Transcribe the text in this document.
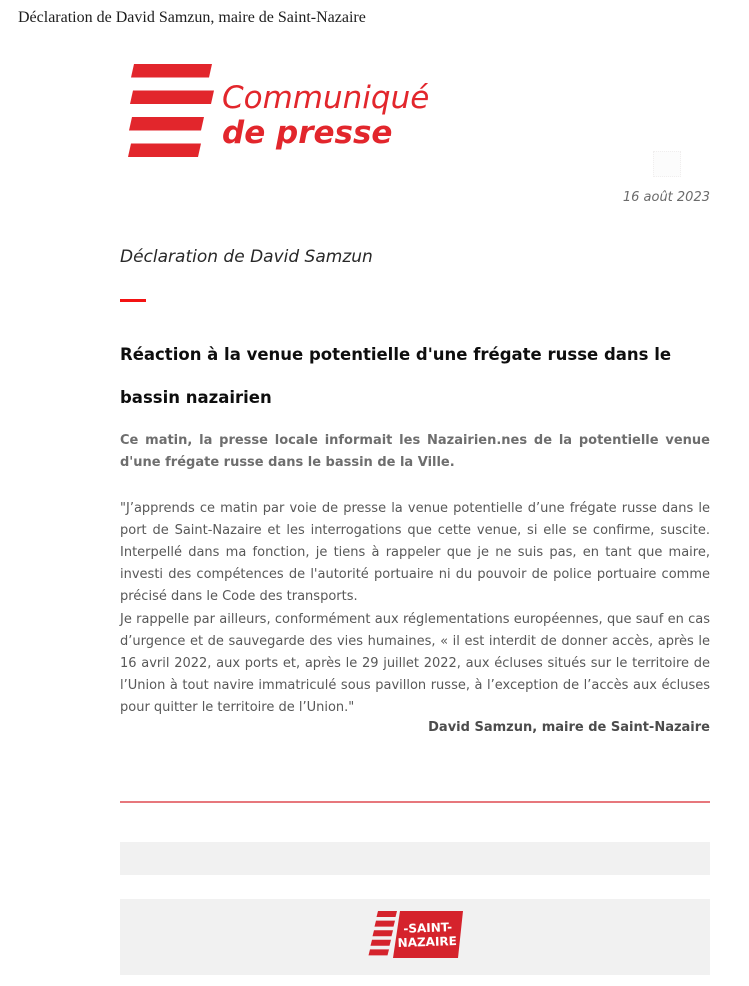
Déclaration de David Samzun, maire de Saint-Nazaire
Communiqué
de presse
16 août 2023
Déclaration de David Samzun
Réaction à la venue potentielle d'une frégate russe dans le bassin nazairien
Ce matin, la presse locale informait les Nazairien.nes de la potentielle venue d'une frégate russe dans le bassin de la Ville.
"J’apprends ce matin par voie de presse la venue potentielle d’une frégate russe dans le port de Saint-Nazaire et les interrogations que cette venue, si elle se confirme, suscite. Interpellé dans ma fonction, je tiens à rappeler que je ne suis pas, en tant que maire, investi des compétences de l'autorité portuaire ni du pouvoir de police portuaire comme précisé dans le Code des transports.
Je rappelle par ailleurs, conformément aux réglementations européennes, que sauf en cas d’urgence et de sauvegarde des vies humaines, « il est interdit de donner accès, après le 16 avril 2022, aux ports et, après le 29 juillet 2022, aux écluses situés sur le territoire de l’Union à tout navire immatriculé sous pavillon russe, à l’exception de l’accès aux écluses pour quitter le territoire de l’Union."
David Samzun, maire de Saint-Nazaire
-SAINT-
NAZAIRE
